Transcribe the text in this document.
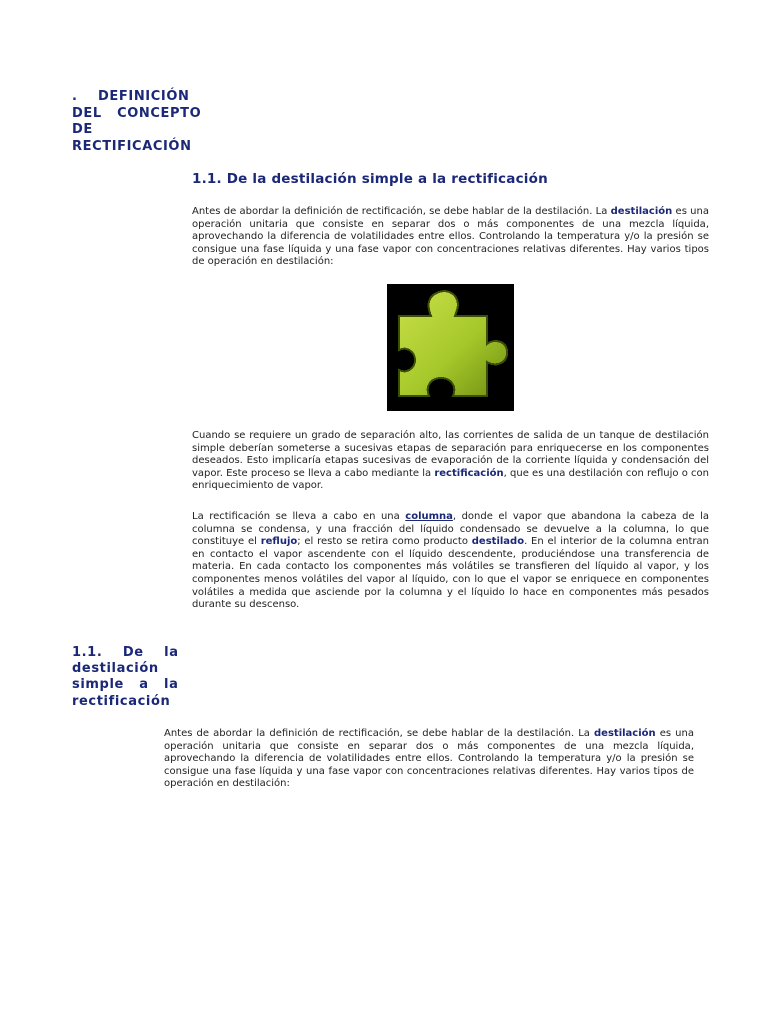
.    DEFINICIÓN
DEL   CONCEPTO
DE
RECTIFICACIÓN
1.1. De la destilación simple a la rectificación

Antes de abordar la definición de rectificación, se debe hablar de la destilación. La destilación es una operación unitaria que consiste en separar dos o más componentes de una mezcla líquida, aprovechando la diferencia de volatilidades entre ellos. Controlando la temperatura y/o la presión se consigue una fase líquida y una fase vapor con concentraciones relativas diferentes. Hay varios tipos de operación en destilación:

Cuando se requiere un grado de separación alto, las corrientes de salida de un tanque de destilación simple deberían someterse a sucesivas etapas de separación para enriquecerse en los componentes deseados. Esto implicaría etapas sucesivas de evaporación de la corriente líquida y condensación del vapor. Este proceso se lleva a cabo mediante la rectificación, que es una destilación con reflujo o con enriquecimiento de vapor.

La rectificación se lleva a cabo en una columna, donde el vapor que abandona la cabeza de la columna se condensa, y una fracción del líquido condensado se devuelve a la columna, lo que constituye el reflujo; el resto se retira como producto destilado. En el interior de la columna entran en contacto el vapor ascendente con el líquido descendente, produciéndose una transferencia de materia. En cada contacto los componentes más volátiles se transfieren del líquido al vapor, y los componentes menos volátiles del vapor al líquido, con lo que el vapor se enriquece en componentes volátiles a medida que asciende por la columna y el líquido lo hace en componentes más pesados durante su descenso.

1.1.    De    la
destilación
simple   a   la
rectificación

Antes de abordar la definición de rectificación, se debe hablar de la destilación. La destilación es una operación unitaria que consiste en separar dos o más componentes de una mezcla líquida, aprovechando la diferencia de volatilidades entre ellos. Controlando la temperatura y/o la presión se consigue una fase líquida y una fase vapor con concentraciones relativas diferentes. Hay varios tipos de operación en destilación:
